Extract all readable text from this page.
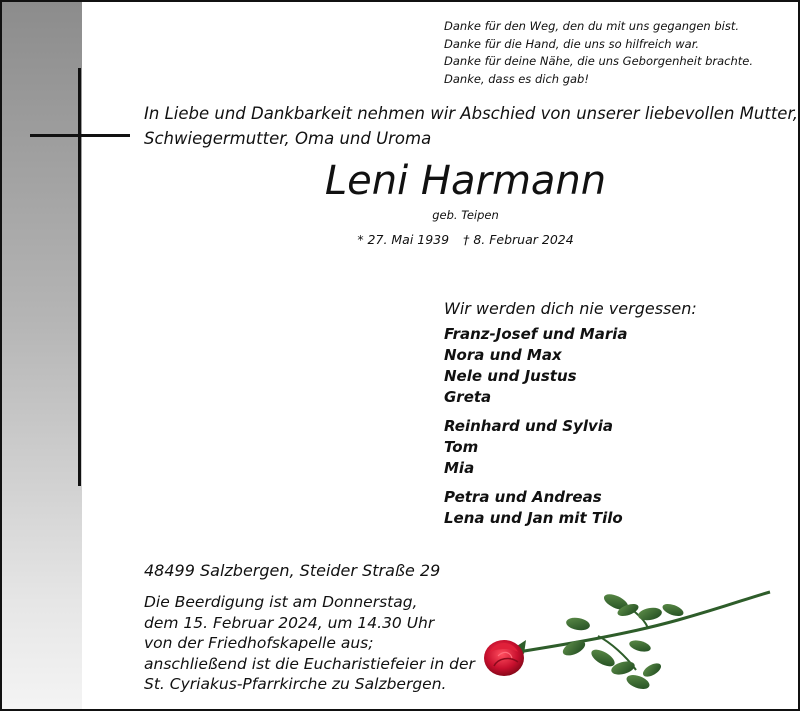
Danke für den Weg, den du mit uns gegangen bist.
Danke für die Hand, die uns so hilfreich war.
Danke für deine Nähe, die uns Geborgenheit brachte.
Danke, dass es dich gab!
In Liebe und Dankbarkeit nehmen wir Abschied von unserer liebevollen Mutter,
Schwiegermutter, Oma und Uroma
Leni Harmann
geb. Teipen
* 27. Mai 1939 † 8. Februar 2024
Wir werden dich nie vergessen:
Franz-Josef und Maria
Nora und Max
Nele und Justus
Greta
Reinhard und Sylvia
Tom
Mia
Petra und Andreas
Lena und Jan mit Tilo
48499 Salzbergen, Steider Straße 29
Die Beerdigung ist am Donnerstag,
dem 15. Februar 2024, um 14.30 Uhr
von der Friedhofskapelle aus;
anschließend ist die Eucharistiefeier in der
St. Cyriakus-Pfarrkirche zu Salzbergen.
